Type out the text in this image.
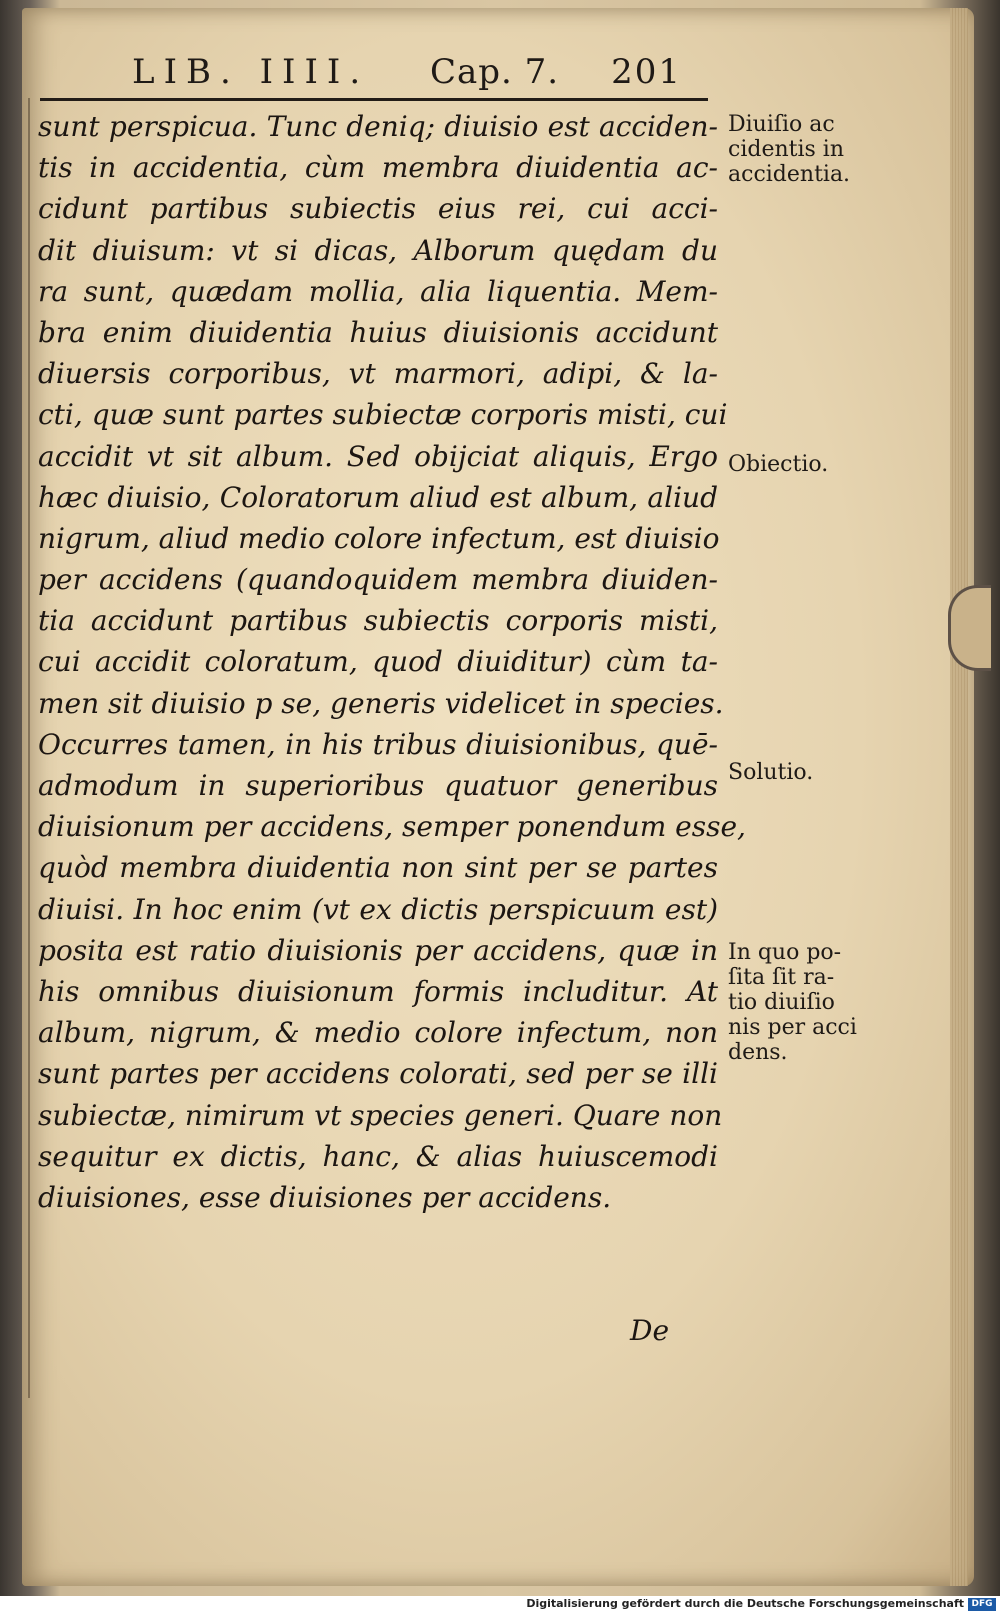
LIB. IIII. Cap. 7. 201
sunt perspicua. Tunc deniq; diuisio est acciden-
tis in accidentia, cùm membra diuidentia ac-
cidunt partibus subiectis eius rei, cui acci-
dit diuisum: vt si dicas, Alborum quędam du
ra sunt, quædam mollia, alia liquentia. Mem-
bra enim diuidentia huius diuisionis accidunt
diuersis corporibus, vt marmori, adipi, & la-
cti, quæ sunt partes subiectæ corporis misti, cui
accidit vt sit album. Sed obijciat aliquis, Ergo
hæc diuisio, Coloratorum aliud est album, aliud
nigrum, aliud medio colore infectum, est diuisio
per accidens (quandoquidem membra diuiden-
tia accidunt partibus subiectis corporis misti,
cui accidit coloratum, quod diuiditur) cùm ta-
men sit diuisio p se, generis videlicet in species.
Occurres tamen, in his tribus diuisionibus, quē-
admodum in superioribus quatuor generibus
diuisionum per accidens, semper ponendum esse,
quòd membra diuidentia non sint per se partes
diuisi. In hoc enim (vt ex dictis perspicuum est)
posita est ratio diuisionis per accidens, quæ in
his omnibus diuisionum formis includitur. At
album, nigrum, & medio colore infectum, non
sunt partes per accidens colorati, sed per se illi
subiectæ, nimirum vt species generi. Quare non
sequitur ex dictis, hanc, & alias huiuscemodi
diuisiones, esse diuisiones per accidens.
De
Diuiſio ac
cidentis in
accidentia.
Obiectio.
Solutio.
In quo po-
ſita ſit ra-
tio diuiſio
nis per acci
dens.
Digitalisierung gefördert durch die Deutsche Forschungsgemeinschaft DFG
